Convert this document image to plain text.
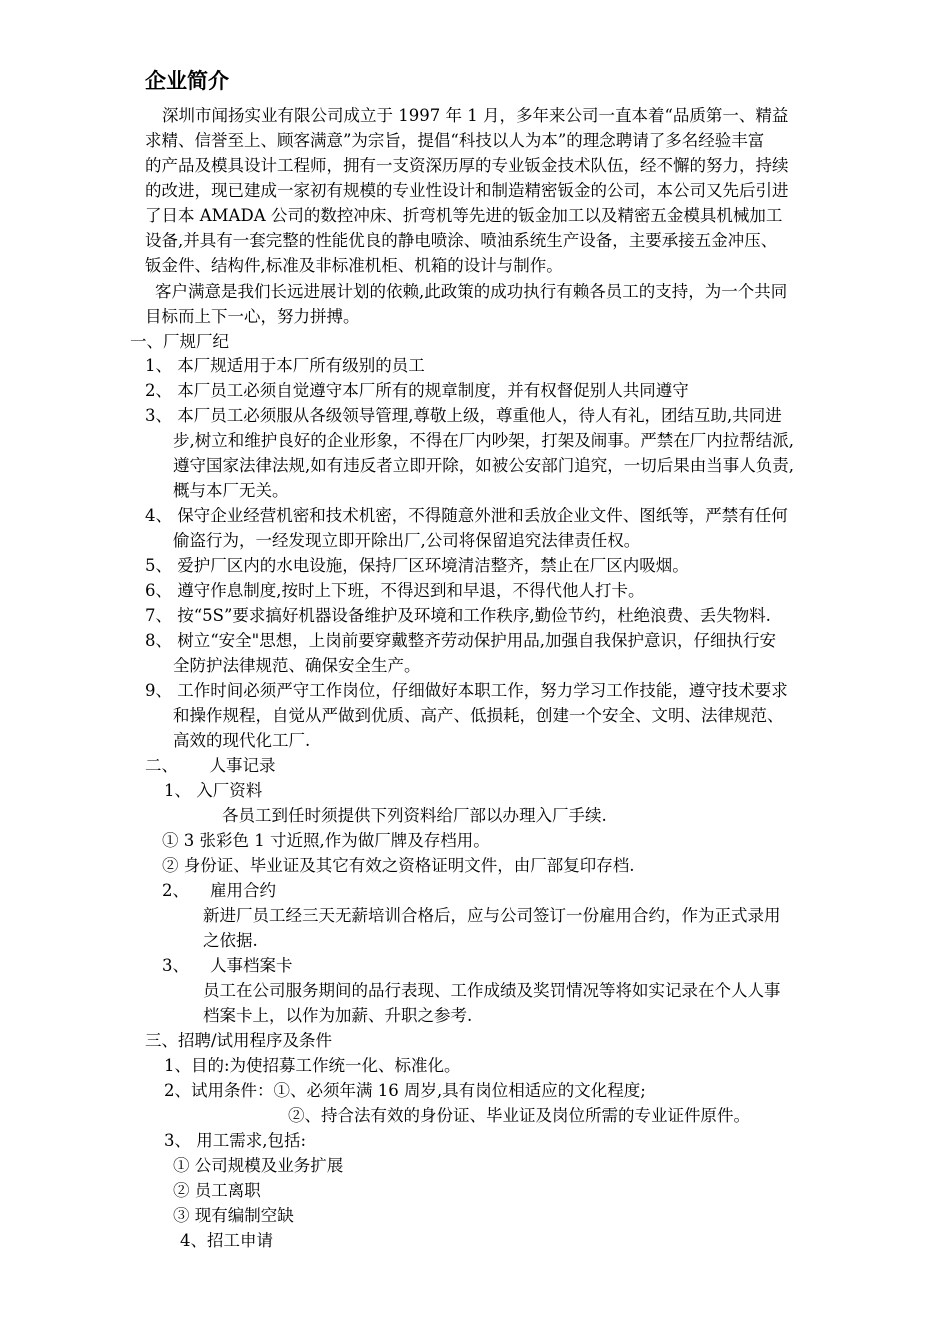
企业简介
深圳市闻扬实业有限公司成立于 1997 年 1 月，多年来公司一直本着“品质第一、精益
求精、信誉至上、顾客满意”为宗旨，提倡“科技以人为本”的理念聘请了多名经验丰富
的产品及模具设计工程师，拥有一支资深历厚的专业钣金技术队伍，经不懈的努力，持续
的改进，现已建成一家初有规模的专业性设计和制造精密钣金的公司，本公司又先后引进
了日本 AMADA 公司的数控冲床、折弯机等先进的钣金加工以及精密五金模具机械加工
设备,并具有一套完整的性能优良的静电喷涂、喷油系统生产设备，主要承接五金冲压、
钣金件、结构件,标准及非标准机柜、机箱的设计与制作。
客户满意是我们长远进展计划的依赖,此政策的成功执行有赖各员工的支持，为一个共同
目标而上下一心，努力拼搏。
一、厂规厂纪
1、 本厂规适用于本厂所有级别的员工
2、 本厂员工必须自觉遵守本厂所有的规章制度，并有权督促别人共同遵守
3、 本厂员工必须服从各级领导管理,尊敬上级，尊重他人，待人有礼，团结互助,共同进
步,树立和维护良好的企业形象，不得在厂内吵架，打架及闹事。严禁在厂内拉帮结派,
遵守国家法律法规,如有违反者立即开除，如被公安部门追究，一切后果由当事人负责,
概与本厂无关。
4、 保守企业经营机密和技术机密，不得随意外泄和丢放企业文件、图纸等，严禁有任何
偷盗行为，一经发现立即开除出厂,公司将保留追究法律责任权。
5、 爱护厂区内的水电设施，保持厂区环境清洁整齐，禁止在厂区内吸烟。
6、 遵守作息制度,按时上下班，不得迟到和早退，不得代他人打卡。
7、 按“5S”要求搞好机器设备维护及环境和工作秩序,勤俭节约，杜绝浪费、丢失物料.
8、 树立“安全"思想，上岗前要穿戴整齐劳动保护用品,加强自我保护意识，仔细执行安
全防护法律规范、确保安全生产。
9、 工作时间必须严守工作岗位，仔细做好本职工作，努力学习工作技能，遵守技术要求
和操作规程，自觉从严做到优质、高产、低损耗，创建一个安全、文明、法律规范、
高效的现代化工厂.
二、      人事记录
1、 入厂资料
各员工到任时须提供下列资料给厂部以办理入厂手续.
① 3 张彩色 1 寸近照,作为做厂牌及存档用。
② 身份证、毕业证及其它有效之资格证明文件，由厂部复印存档.
2、    雇用合约
新进厂员工经三天无薪培训合格后，应与公司签订一份雇用合约，作为正式录用
之依据.
3、    人事档案卡
员工在公司服务期间的品行表现、工作成绩及奖罚情况等将如实记录在个人人事
档案卡上，以作为加薪、升职之参考.
三、招聘/试用程序及条件
1、目的:为使招募工作统一化、标准化。
2、试用条件：①、必须年满 16 周岁,具有岗位相适应的文化程度;
②、持合法有效的身份证、毕业证及岗位所需的专业证件原件。
3、 用工需求,包括:
① 公司规模及业务扩展
② 员工离职
③ 现有编制空缺
4、招工申请
